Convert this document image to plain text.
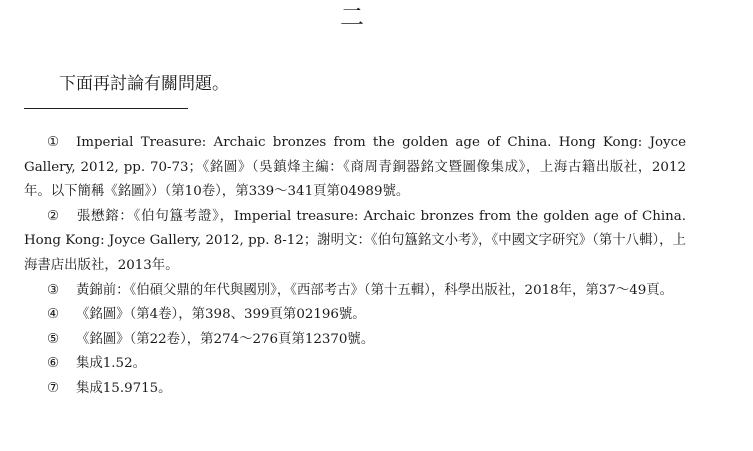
二
下面再討論有關問題。

① Imperial Treasure: Archaic bronzes from the golden age of China. Hong Kong: Joyce Gallery, 2012, pp. 70-73；《銘圖》（吳鎮烽主編：《商周青銅器銘文暨圖像集成》，上海古籍出版社，2012年。以下簡稱《銘圖》）（第10卷），第339～341頁第04989號。

② 張懋鎔：《伯句簋考證》，Imperial treasure: Archaic bronzes from the golden age of China. Hong Kong: Joyce Gallery, 2012, pp. 8-12；謝明文：《伯句簋銘文小考》，《中國文字研究》（第十八輯），上海書店出版社，2013年。

③ 黃錦前：《伯碩父鼎的年代與國別》，《西部考古》（第十五輯），科學出版社，2018年，第37～49頁。

④ 《銘圖》（第4卷），第398、399頁第02196號。

⑤ 《銘圖》（第22卷），第274～276頁第12370號。

⑥ 集成1.52。

⑦ 集成15.9715。
